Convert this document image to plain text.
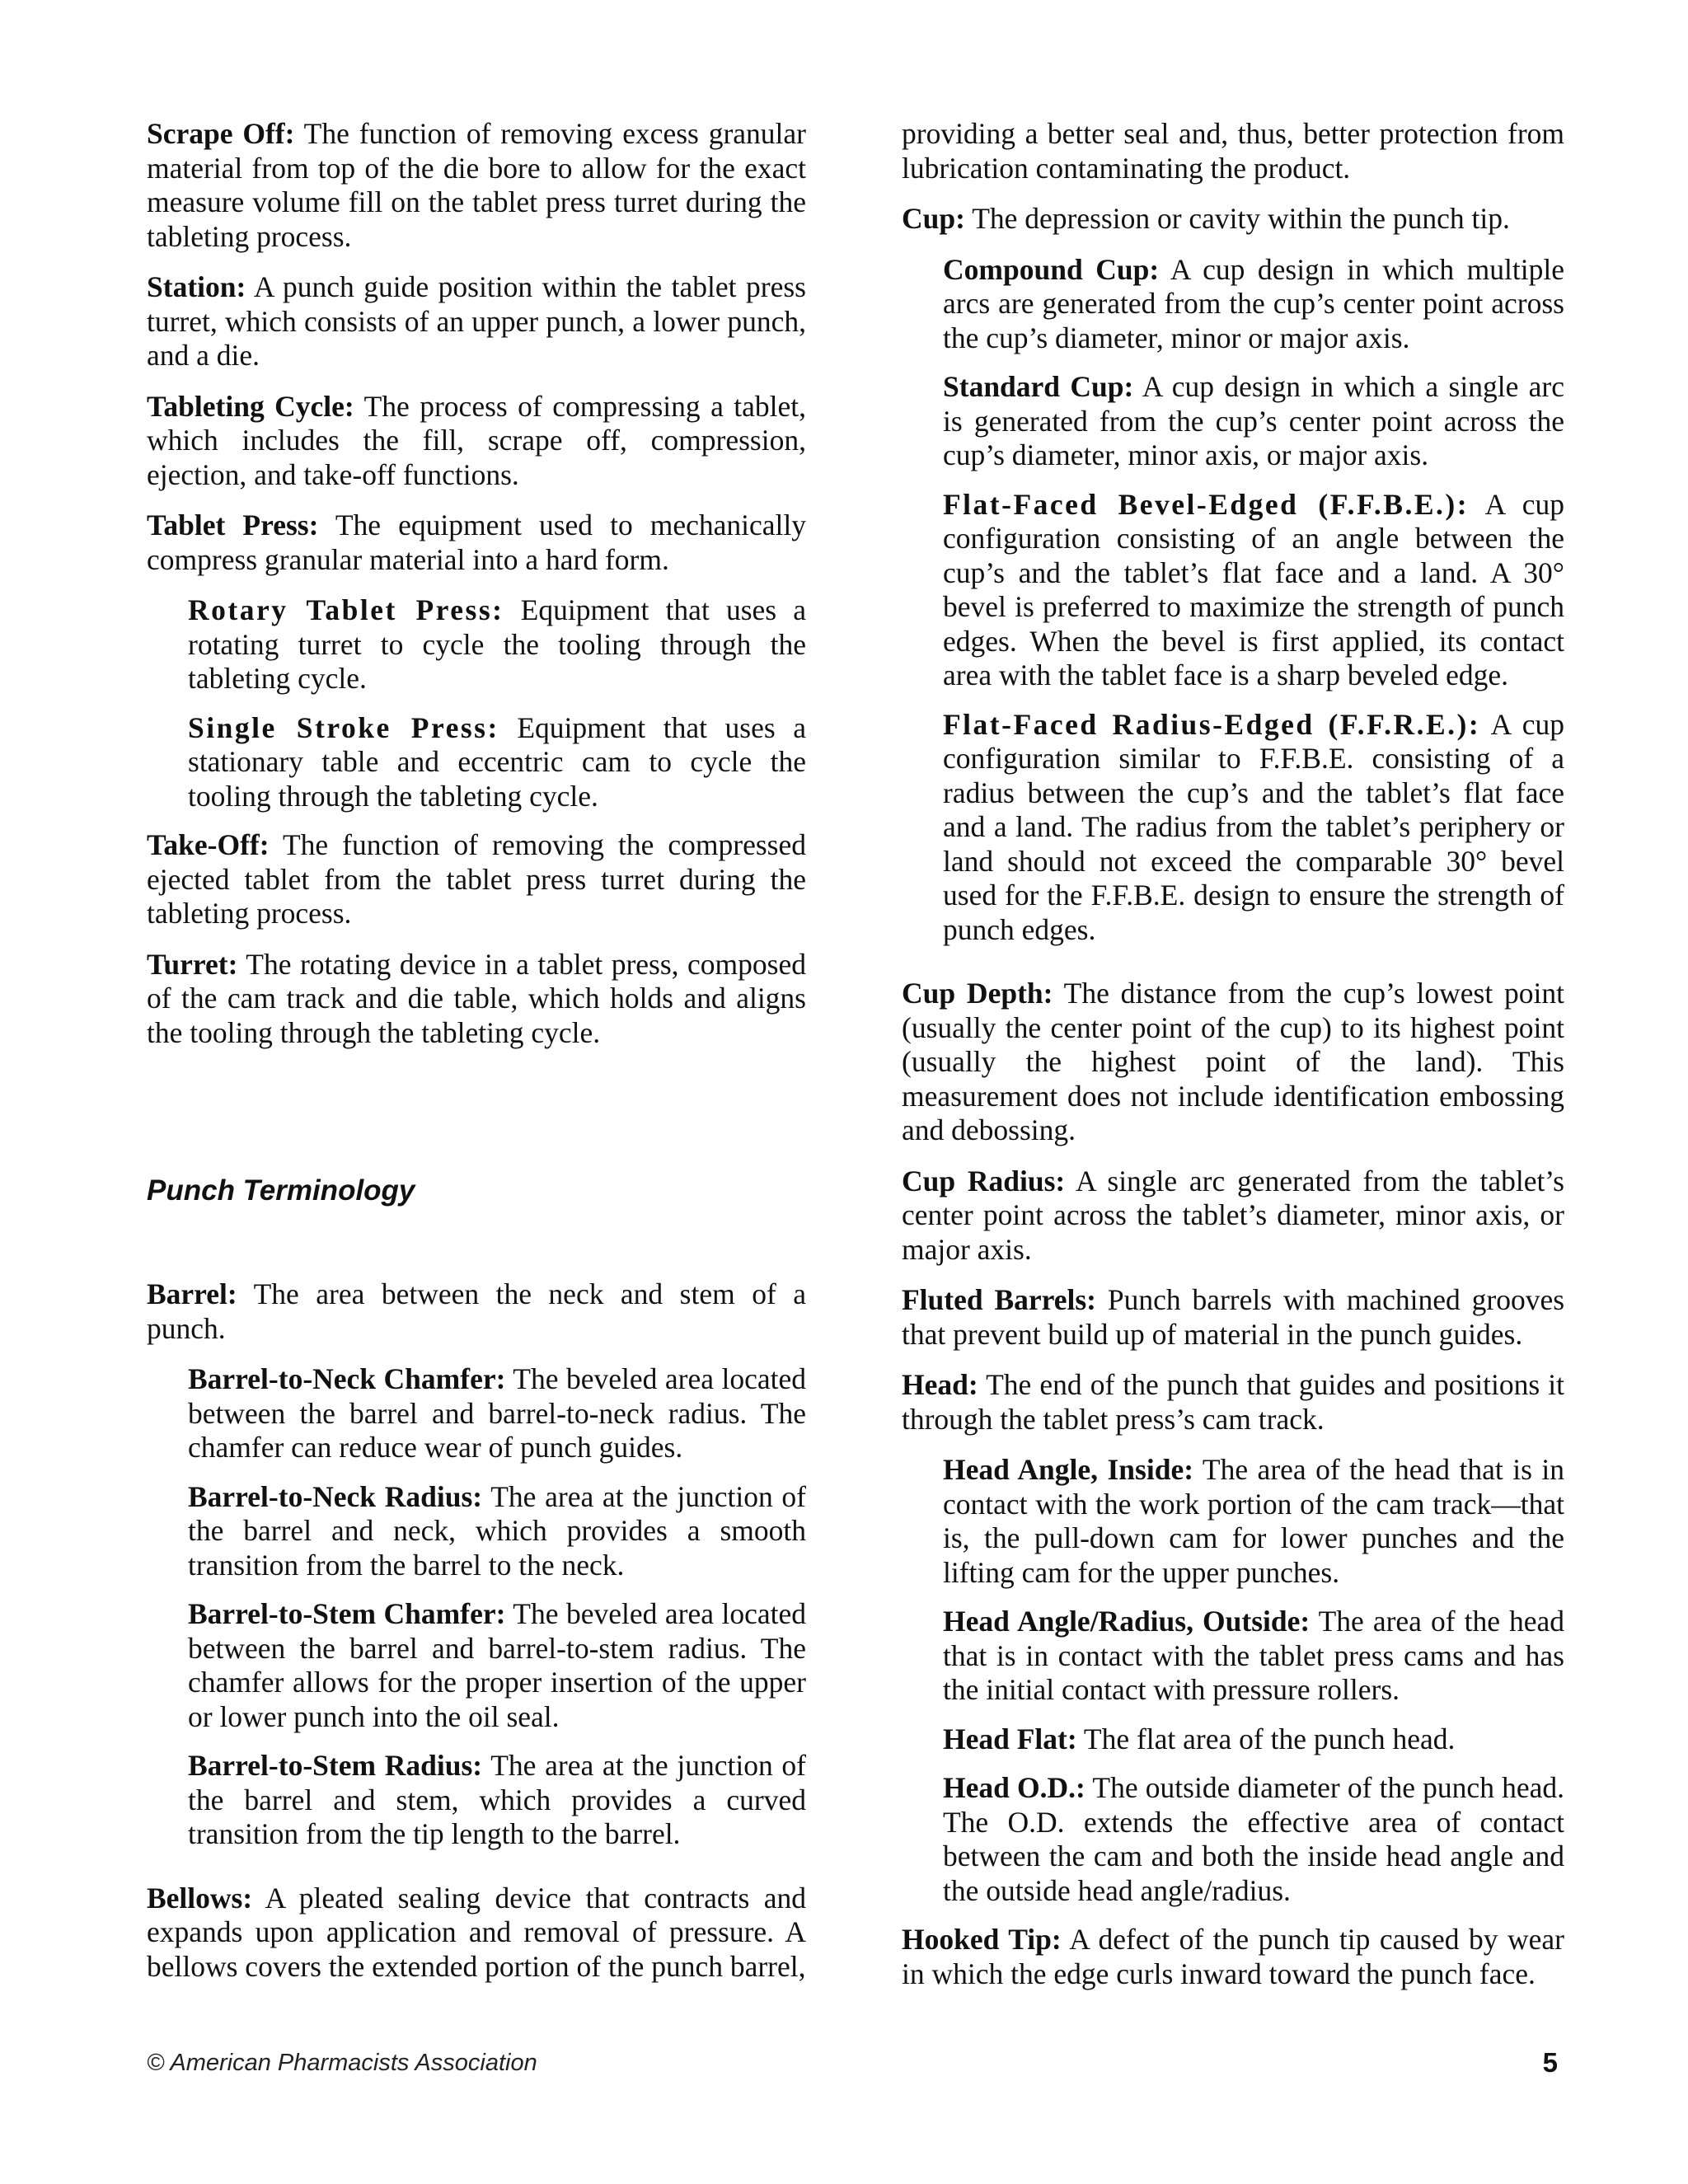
Scrape Off: The function of removing excess granular material from top of the die bore to allow for the exact measure volume fill on the tablet press turret during the tableting process.

Station: A punch guide position within the tablet press turret, which consists of an upper punch, a lower punch, and a die.

Tableting Cycle: The process of compressing a tablet, which includes the fill, scrape off, compression, ejection, and take-off functions.

Tablet Press: The equipment used to mechanically compress granular material into a hard form.

Rotary Tablet Press: Equipment that uses a rotating turret to cycle the tooling through the tableting cycle.

Single Stroke Press: Equipment that uses a stationary table and eccentric cam to cycle the tooling through the tableting cycle.

Take-Off: The function of removing the compressed ejected tablet from the tablet press turret during the tableting process.

Turret: The rotating device in a tablet press, composed of the cam track and die table, which holds and aligns the tooling through the tableting cycle.

Punch Terminology

Barrel: The area between the neck and stem of a punch.

Barrel-to-Neck Chamfer: The beveled area located between the barrel and barrel-to-neck radius. The chamfer can reduce wear of punch guides.

Barrel-to-Neck Radius: The area at the junction of the barrel and neck, which provides a smooth transition from the barrel to the neck.

Barrel-to-Stem Chamfer: The beveled area located between the barrel and barrel-to-stem radius. The chamfer allows for the proper insertion of the upper or lower punch into the oil seal.

Barrel-to-Stem Radius: The area at the junction of the barrel and stem, which provides a curved transition from the tip length to the barrel.

Bellows: A pleated sealing device that contracts and expands upon application and removal of pressure. A bellows covers the extended portion of the punch barrel,

providing a better seal and, thus, better protection from lubrication contaminating the product.

Cup: The depression or cavity within the punch tip.

Compound Cup: A cup design in which multiple arcs are generated from the cup’s center point across the cup’s diameter, minor or major axis.

Standard Cup: A cup design in which a single arc is generated from the cup’s center point across the cup’s diameter, minor axis, or major axis.

Flat-Faced Bevel-Edged (F.F.B.E.): A cup configuration consisting of an angle between the cup’s and the tablet’s flat face and a land. A 30° bevel is preferred to maximize the strength of punch edges. When the bevel is first applied, its contact area with the tablet face is a sharp beveled edge.

Flat-Faced Radius-Edged (F.F.R.E.): A cup configuration similar to F.F.B.E. consisting of a radius between the cup’s and the tablet’s flat face and a land. The radius from the tablet’s periphery or land should not exceed the comparable 30° bevel used for the F.F.B.E. design to ensure the strength of punch edges.

Cup Depth: The distance from the cup’s lowest point (usually the center point of the cup) to its highest point (usually the highest point of the land). This measurement does not include identification embossing and debossing.

Cup Radius: A single arc generated from the tablet’s center point across the tablet’s diameter, minor axis, or major axis.

Fluted Barrels: Punch barrels with machined grooves that prevent build up of material in the punch guides.

Head: The end of the punch that guides and positions it through the tablet press’s cam track.

Head Angle, Inside: The area of the head that is in contact with the work portion of the cam track—that is, the pull-down cam for lower punches and the lifting cam for the upper punches.

Head Angle/Radius, Outside: The area of the head that is in contact with the tablet press cams and has the initial contact with pressure rollers.

Head Flat: The flat area of the punch head.

Head O.D.: The outside diameter of the punch head. The O.D. extends the effective area of contact between the cam and both the inside head angle and the outside head angle/radius.

Hooked Tip: A defect of the punch tip caused by wear in which the edge curls inward toward the punch face.

© American Pharmacists Association	5
